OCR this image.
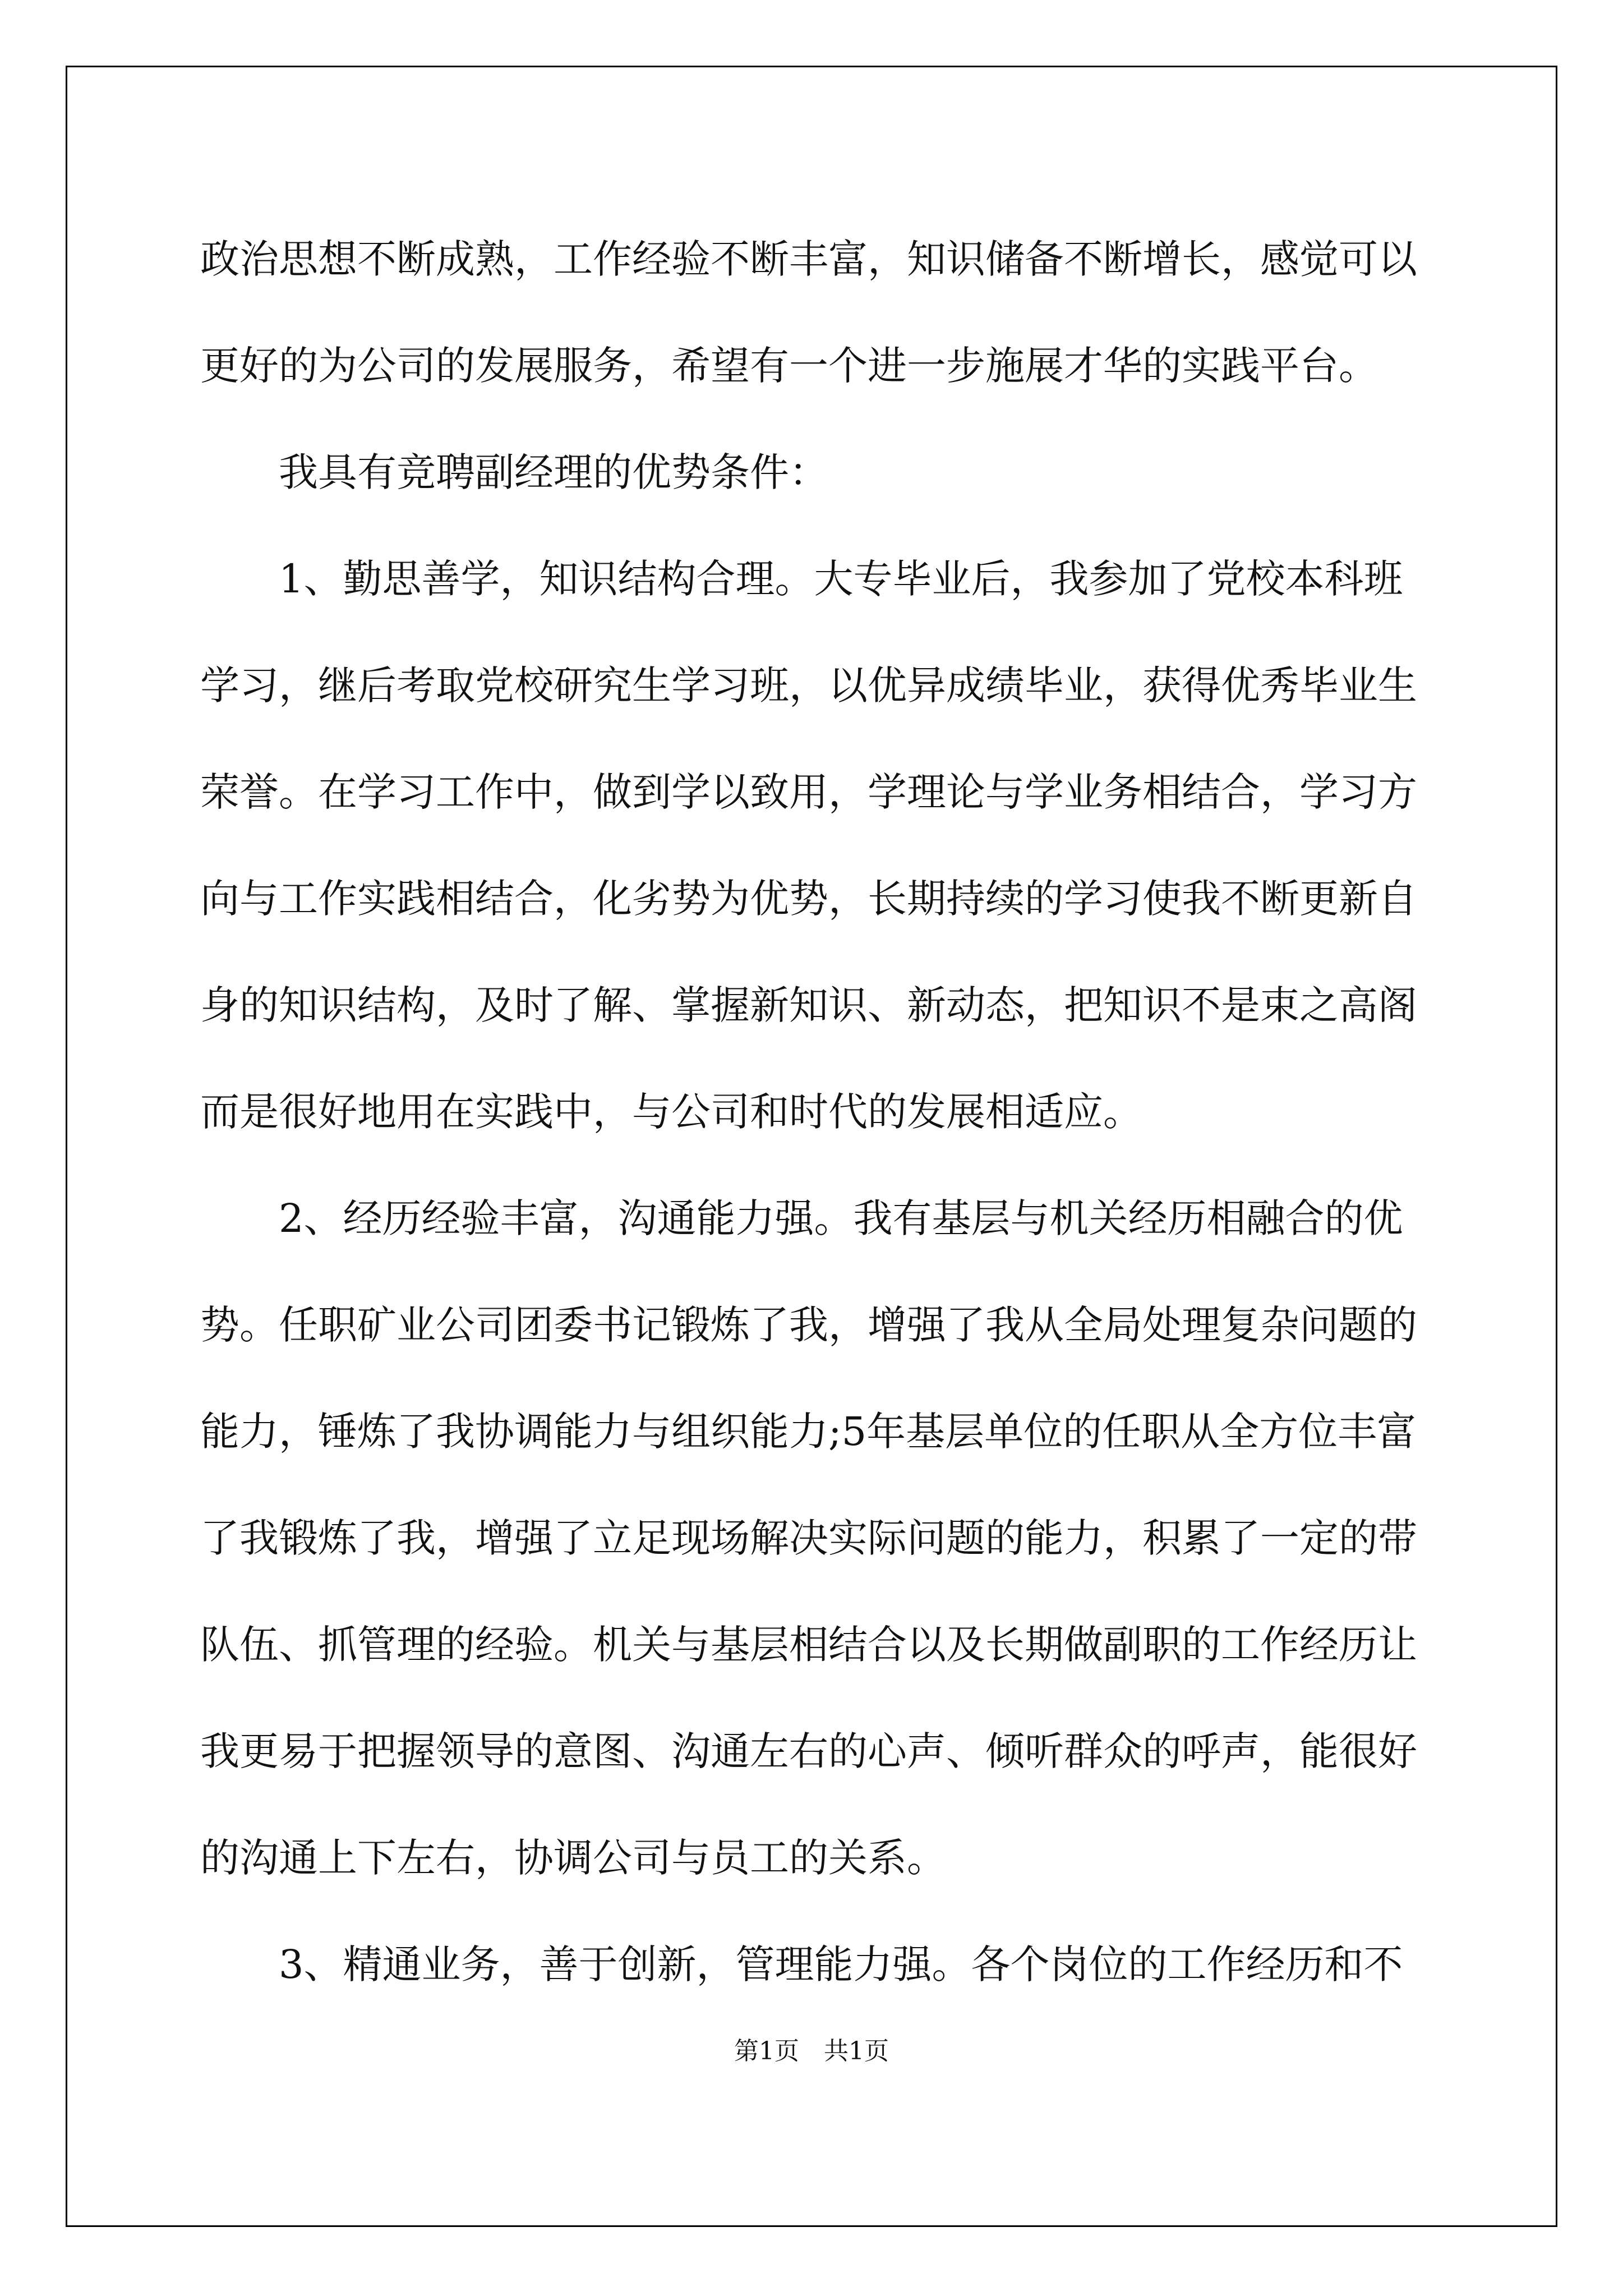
政治思想不断成熟，工作经验不断丰富，知识储备不断增长，感觉可以更好的为公司的发展服务，希望有一个进一步施展才华的实践平台。

我具有竞聘副经理的优势条件：

1、勤思善学，知识结构合理。大专毕业后，我参加了党校本科班学习，继后考取党校研究生学习班，以优异成绩毕业，获得优秀毕业生荣誉。在学习工作中，做到学以致用，学理论与学业务相结合，学习方向与工作实践相结合，化劣势为优势，长期持续的学习使我不断更新自身的知识结构，及时了解、掌握新知识、新动态，把知识不是束之高阁而是很好地用在实践中，与公司和时代的发展相适应。

2、经历经验丰富，沟通能力强。我有基层与机关经历相融合的优势。任职矿业公司团委书记锻炼了我，增强了我从全局处理复杂问题的能力，锤炼了我协调能力与组织能力;5年基层单位的任职从全方位丰富了我锻炼了我，增强了立足现场解决实际问题的能力，积累了一定的带队伍、抓管理的经验。机关与基层相结合以及长期做副职的工作经历让我更易于把握领导的意图、沟通左右的心声、倾听群众的呼声，能很好的沟通上下左右，协调公司与员工的关系。

3、精通业务，善于创新，管理能力强。各个岗位的工作经历和不

第1页　共1页
